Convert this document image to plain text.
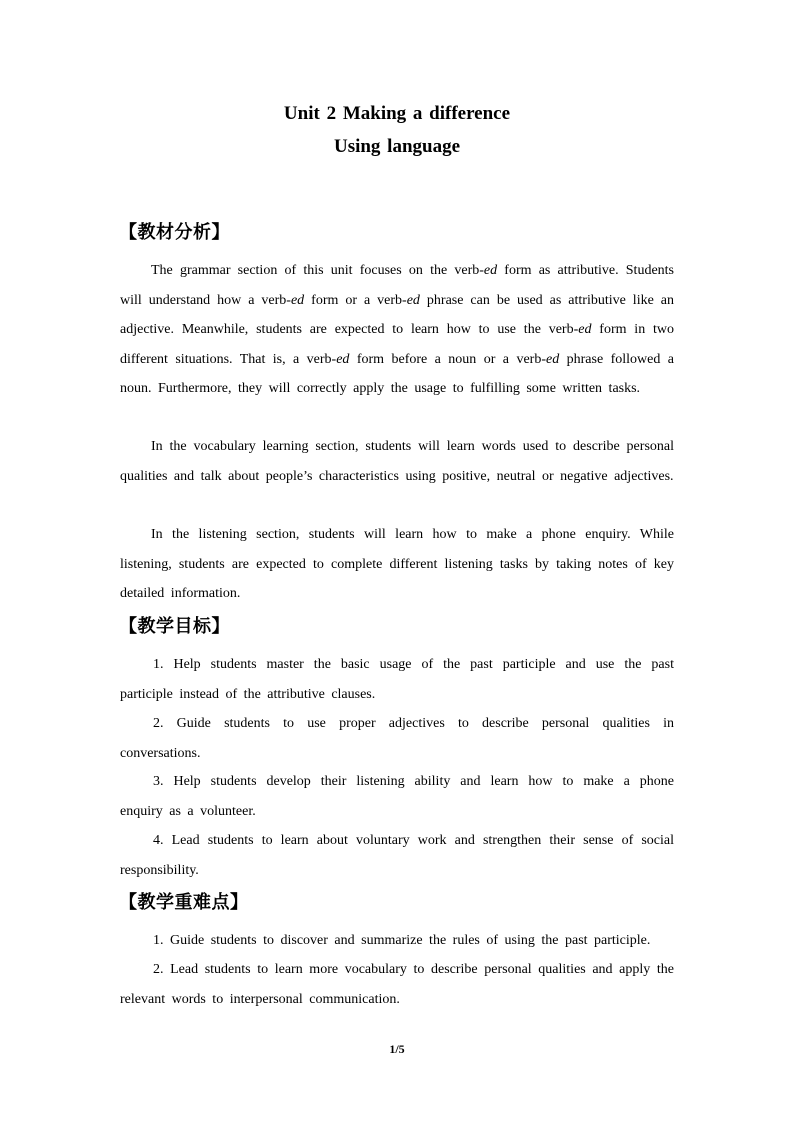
Unit 2 Making a difference
Using language
【教材分析】
The grammar section of this unit focuses on the verb-ed form as attributive. Students will understand how a verb-ed form or a verb-ed phrase can be used as attributive like an adjective. Meanwhile, students are expected to learn how to use the verb-ed form in two different situations. That is, a verb-ed form before a noun or a verb-ed phrase followed a noun. Furthermore, they will correctly apply the usage to fulfilling some written tasks.
In the vocabulary learning section, students will learn words used to describe personal qualities and talk about people’s characteristics using positive, neutral or negative adjectives.
In the listening section, students will learn how to make a phone enquiry. While listening, students are expected to complete different listening tasks by taking notes of key detailed information.
【教学目标】
1. Help students master the basic usage of the past participle and use the past participle instead of the attributive clauses.
2. Guide students to use proper adjectives to describe personal qualities in conversations.
3. Help students develop their listening ability and learn how to make a phone enquiry as a volunteer.
4. Lead students to learn about voluntary work and strengthen their sense of social responsibility.
【教学重难点】
1. Guide students to discover and summarize the rules of using the past participle.
2. Lead students to learn more vocabulary to describe personal qualities and apply the relevant words to interpersonal communication.
1/5
